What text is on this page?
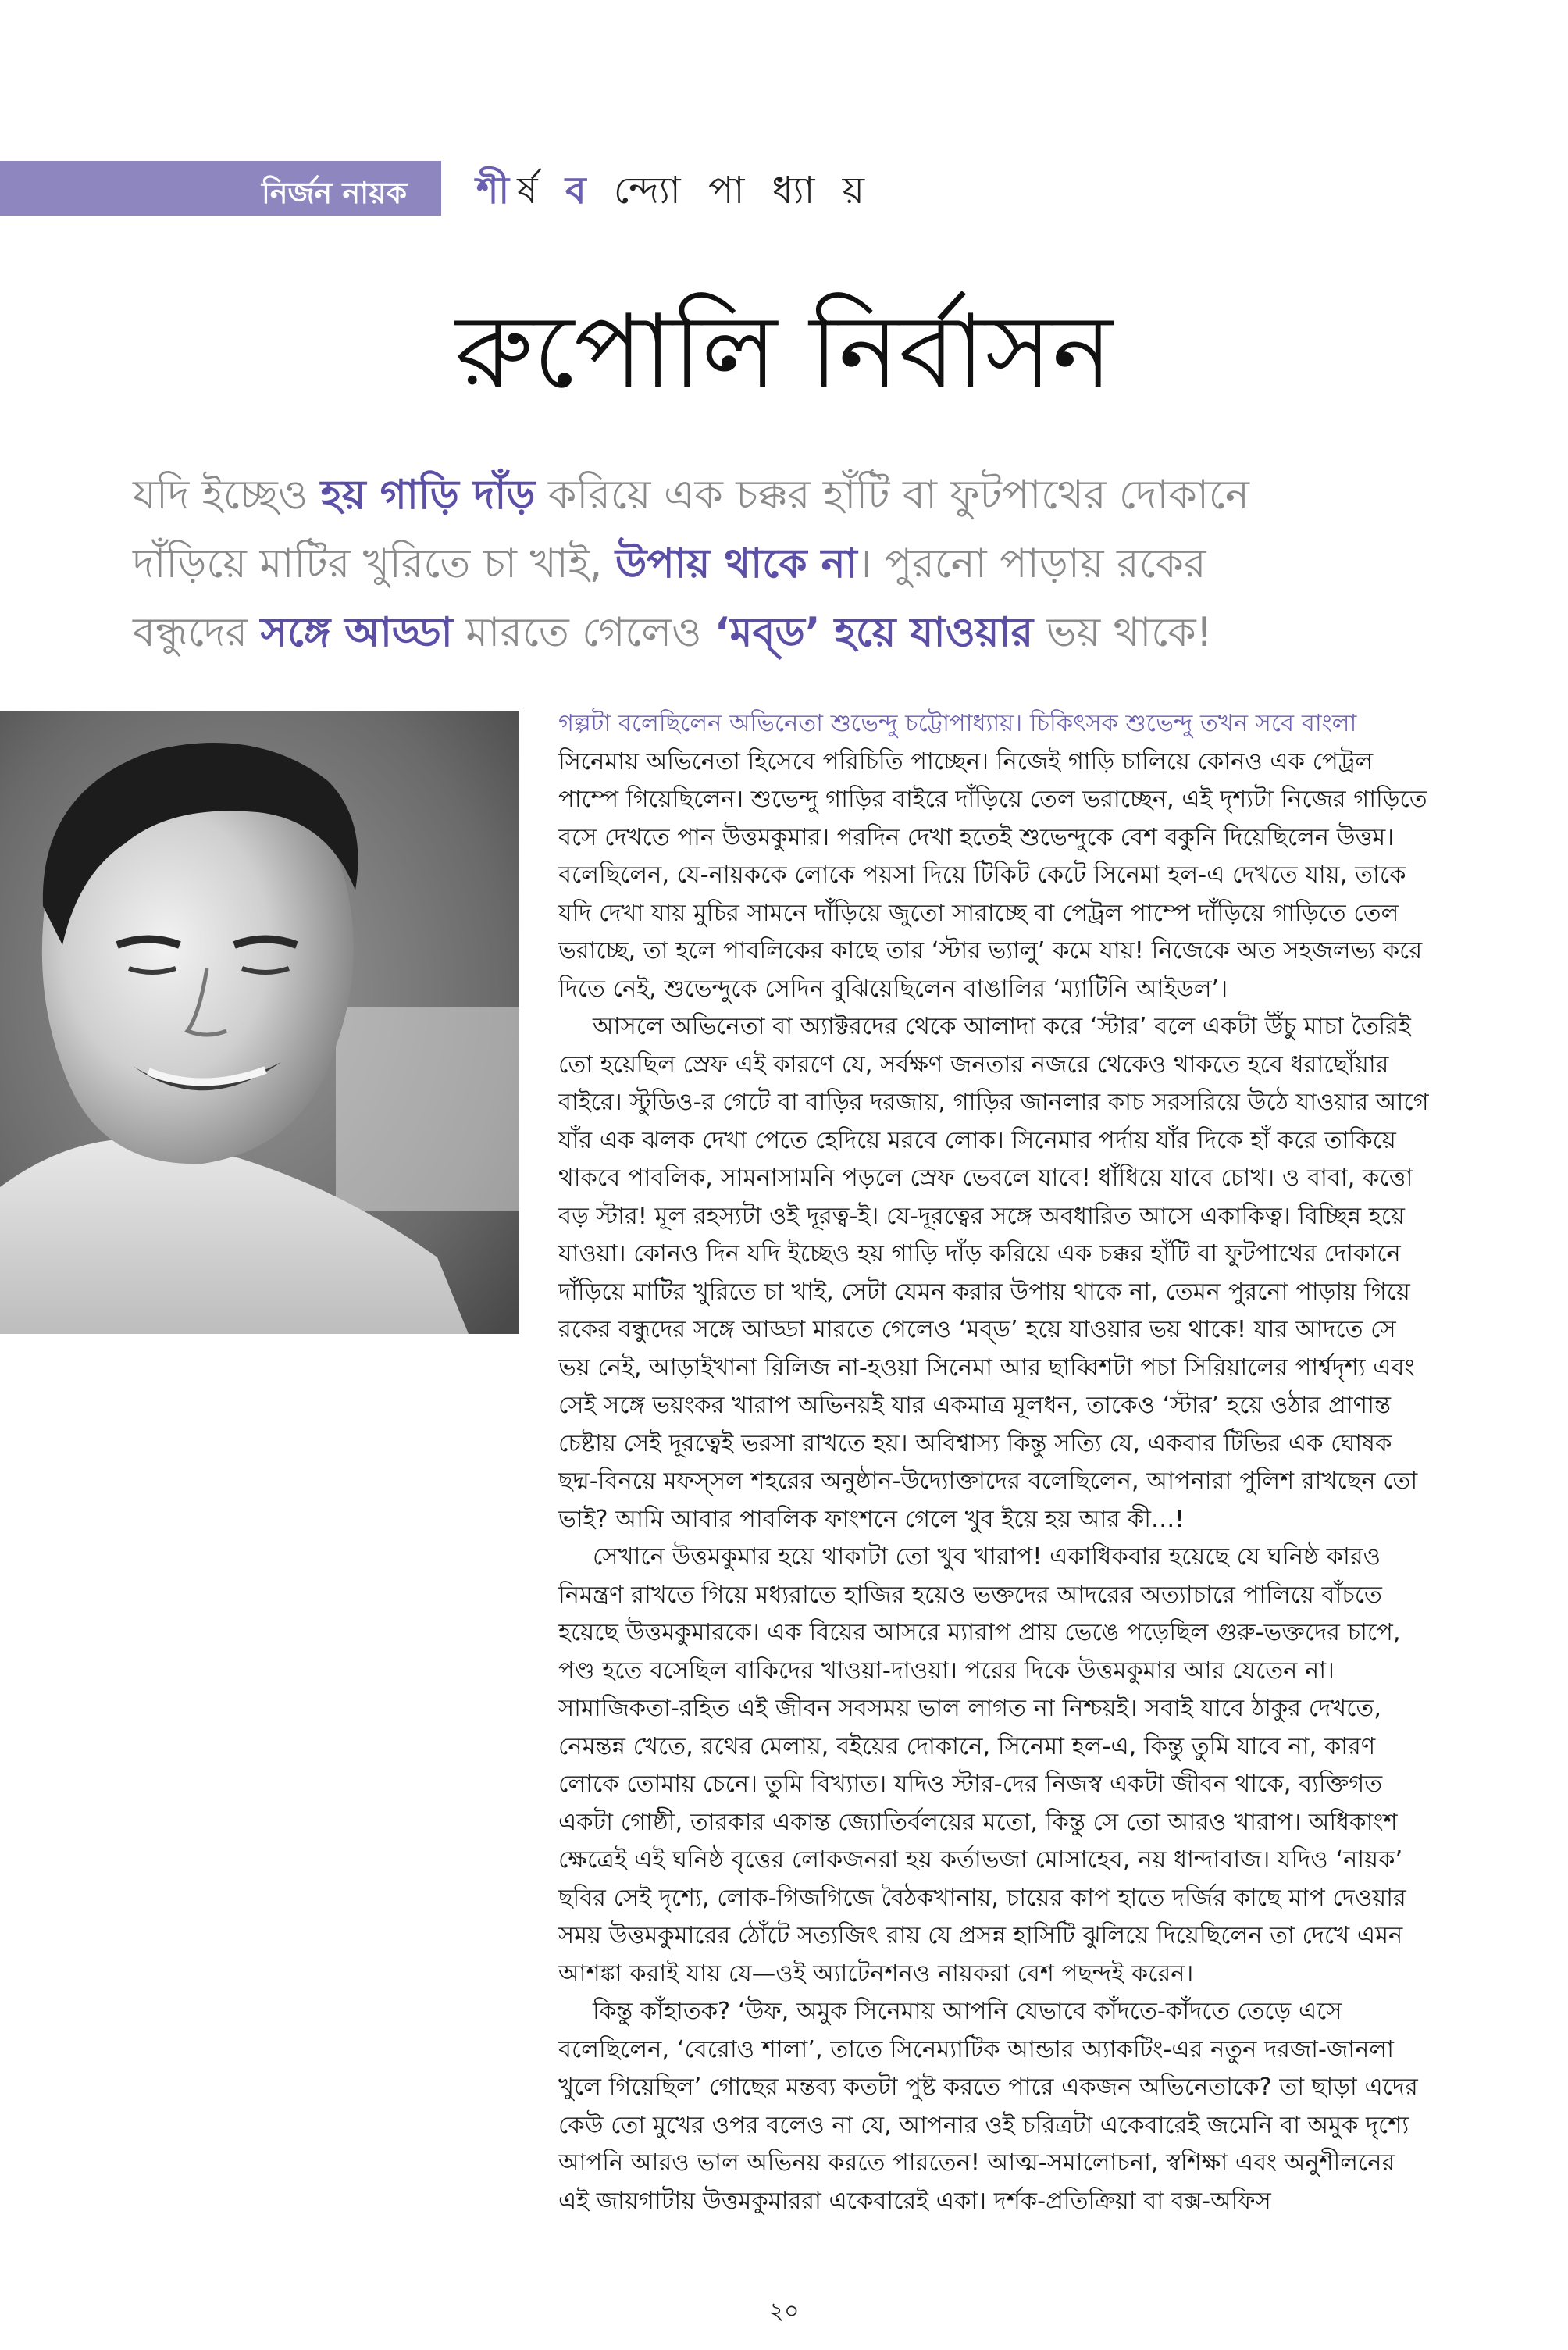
নির্জন নায়ক শীর্ষ ব ন্দ্যো পা ধ্যা য়
রুপোলি নির্বাসন

যদি ইচ্ছেও হয় গাড়ি দাঁড় করিয়ে এক চক্কর হাঁটি বা ফুটপাথের দোকানে

দাঁড়িয়ে মাটির খুরিতে চা খাই, উপায় থাকে না। পুরনো পাড়ায় রকের

বন্ধুদের সঙ্গে আড্ডা মারতে গেলেও ‘মব্‌ড’ হয়ে যাওয়ার ভয় থাকে!

গল্পটা বলেছিলেন অভিনেতা শুভেন্দু চট্টোপাধ্যায়। চিকিৎসক শুভেন্দু তখন সবে বাংলা

সিনেমায় অভিনেতা হিসেবে পরিচিতি পাচ্ছেন। নিজেই গাড়ি চালিয়ে কোনও এক পেট্রল পাম্পে গিয়েছিলেন। শুভেন্দু গাড়ির বাইরে দাঁড়িয়ে তেল ভরাচ্ছেন, এই দৃশ্যটা নিজের গাড়িতে বসে দেখতে পান উত্তমকুমার। পরদিন দেখা হতেই শুভেন্দুকে বেশ বকুনি দিয়েছিলেন উত্তম। বলেছিলেন, যে-নায়ককে লোকে পয়সা দিয়ে টিকিট কেটে সিনেমা হল-এ দেখতে যায়, তাকে যদি দেখা যায় মুচির সামনে দাঁড়িয়ে জুতো সারাচ্ছে বা পেট্রল পাম্পে দাঁড়িয়ে গাড়িতে তেল ভরাচ্ছে, তা হলে পাবলিকের কাছে তার ‘স্টার ভ্যালু’ কমে যায়! নিজেকে অত সহজলভ্য করে দিতে নেই, শুভেন্দুকে সেদিন বুঝিয়েছিলেন বাঙালির ‘ম্যাটিনি আইডল’।

আসলে অভিনেতা বা অ্যাক্টরদের থেকে আলাদা করে ‘স্টার’ বলে একটা উঁচু মাচা তৈরিই তো হয়েছিল স্রেফ এই কারণে যে, সর্বক্ষণ জনতার নজরে থেকেও থাকতে হবে ধরাছোঁয়ার বাইরে। স্টুডিও-র গেটে বা বাড়ির দরজায়, গাড়ির জানলার কাচ সরসরিয়ে উঠে যাওয়ার আগে যাঁর এক ঝলক দেখা পেতে হেদিয়ে মরবে লোক। সিনেমার পর্দায় যাঁর দিকে হাঁ করে তাকিয়ে থাকবে পাবলিক, সামনাসামনি পড়লে স্রেফ ভেবলে যাবে! ধাঁধিয়ে যাবে চোখ। ও বাবা, কত্তো বড় স্টার! মূল রহস্যটা ওই দূরত্ব-ই। যে-দূরত্বের সঙ্গে অবধারিত আসে একাকিত্ব। বিচ্ছিন্ন হয়ে যাওয়া। কোনও দিন যদি ইচ্ছেও হয় গাড়ি দাঁড় করিয়ে এক চক্কর হাঁটি বা ফুটপাথের দোকানে দাঁড়িয়ে মাটির খুরিতে চা খাই, সেটা যেমন করার উপায় থাকে না, তেমন পুরনো পাড়ায় গিয়ে রকের বন্ধুদের সঙ্গে আড্ডা মারতে গেলেও ‘মব্‌ড’ হয়ে যাওয়ার ভয় থাকে! যার আদতে সে ভয় নেই, আড়াইখানা রিলিজ না-হওয়া সিনেমা আর ছাব্বিশটা পচা সিরিয়ালের পার্শ্বদৃশ্য এবং সেই সঙ্গে ভয়ংকর খারাপ অভিনয়ই যার একমাত্র মূলধন, তাকেও ‘স্টার’ হয়ে ওঠার প্রাণান্ত চেষ্টায় সেই দূরত্বেই ভরসা রাখতে হয়। অবিশ্বাস্য কিন্তু সত্যি যে, একবার টিভির এক ঘোষক ছদ্ম-বিনয়ে মফস্‌সল শহরের অনুষ্ঠান-উদ্যোক্তাদের বলেছিলেন, আপনারা পুলিশ রাখছেন তো ভাই? আমি আবার পাবলিক ফাংশনে গেলে খুব ইয়ে হয় আর কী…!

সেখানে উত্তমকুমার হয়ে থাকাটা তো খুব খারাপ! একাধিকবার হয়েছে যে ঘনিষ্ঠ কারও নিমন্ত্রণ রাখতে গিয়ে মধ্যরাতে হাজির হয়েও ভক্তদের আদরের অত্যাচারে পালিয়ে বাঁচতে হয়েছে উত্তমকুমারকে। এক বিয়ের আসরে ম্যারাপ প্রায় ভেঙে পড়েছিল গুরু-ভক্তদের চাপে, পণ্ড হতে বসেছিল বাকিদের খাওয়া-দাওয়া। পরের দিকে উত্তমকুমার আর যেতেন না। সামাজিকতা-রহিত এই জীবন সবসময় ভাল লাগত না নিশ্চয়ই। সবাই যাবে ঠাকুর দেখতে, নেমন্তন্ন খেতে, রথের মেলায়, বইয়ের দোকানে, সিনেমা হল-এ, কিন্তু তুমি যাবে না, কারণ লোকে তোমায় চেনে। তুমি বিখ্যাত। যদিও স্টার-দের নিজস্ব একটা জীবন থাকে, ব্যক্তিগত একটা গোষ্ঠী, তারকার একান্ত জ্যোতির্বলয়ের মতো, কিন্তু সে তো আরও খারাপ। অধিকাংশ ক্ষেত্রেই এই ঘনিষ্ঠ বৃত্তের লোকজনরা হয় কর্তাভজা মোসাহেব, নয় ধান্দাবাজ। যদিও ‘নায়ক’ ছবির সেই দৃশ্যে, লোক-গিজগিজে বৈঠকখানায়, চায়ের কাপ হাতে দর্জির কাছে মাপ দেওয়ার সময় উত্তমকুমারের ঠোঁটে সত্যজিৎ রায় যে প্রসন্ন হাসিটি ঝুলিয়ে দিয়েছিলেন তা দেখে এমন আশঙ্কা করাই যায় যে—ওই অ্যাটেনশনও নায়করা বেশ পছন্দই করেন।

কিন্তু কাঁহাতক? ‘উফ, অমুক সিনেমায় আপনি যেভাবে কাঁদতে-কাঁদতে তেড়ে এসে বলেছিলেন, ‘বেরোও শালা’, তাতে সিনেম্যাটিক আন্ডার অ্যাকটিং-এর নতুন দরজা-জানলা খুলে গিয়েছিল’ গোছের মন্তব্য কতটা পুষ্ট করতে পারে একজন অভিনেতাকে? তা ছাড়া এদের কেউ তো মুখের ওপর বলেও না যে, আপনার ওই চরিত্রটা একেবারেই জমেনি বা অমুক দৃশ্যে আপনি আরও ভাল অভিনয় করতে পারতেন! আত্ম-সমালোচনা, স্বশিক্ষা এবং অনুশীলনের এই জায়গাটায় উত্তমকুমাররা একেবারেই একা। দর্শক-প্রতিক্রিয়া বা বক্স-অফিস

২০
